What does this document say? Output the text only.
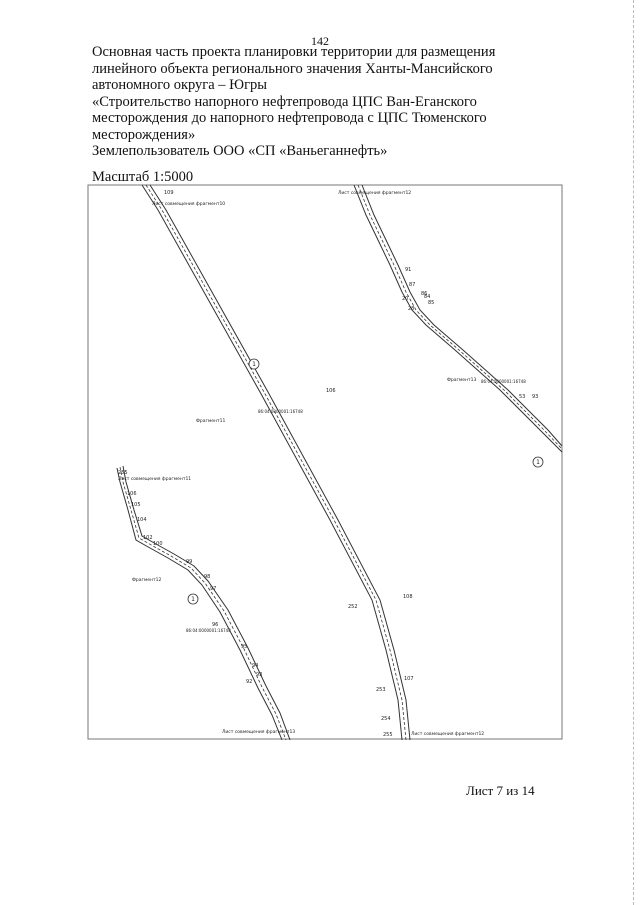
142
Основная часть проекта планировки территории для размещения
линейного объекта регионального значения Ханты-Мансийского
автономного округа – Югры
«Строительство напорного нефтепровода ЦПС Ван-Еганского
месторождения до напорного нефтепровода с ЦПС Тюменского
месторождения»
Землепользователь ООО «СП «Ваньеганнефть»
Масштаб 1:5000
1
1
1
Лист совмещения фрагмент10
Лист совмещения фрагмент12
Лист совмещения фрагмент11
Лист совмещения фрагмент13	Лист совмещения фрагмент12
Фрагмент11
Фрагмент13
Фрагмент12
86:04:0000001:16748
86:04:0000001:16748
86:04:0000001:16748
109
108
107
252
253
254
255
106
91
87
86
85
84
20
28
53 93
106
105
104
102
100
99
98
97
96
95
94
93
92
255
Лист 7 из 14
